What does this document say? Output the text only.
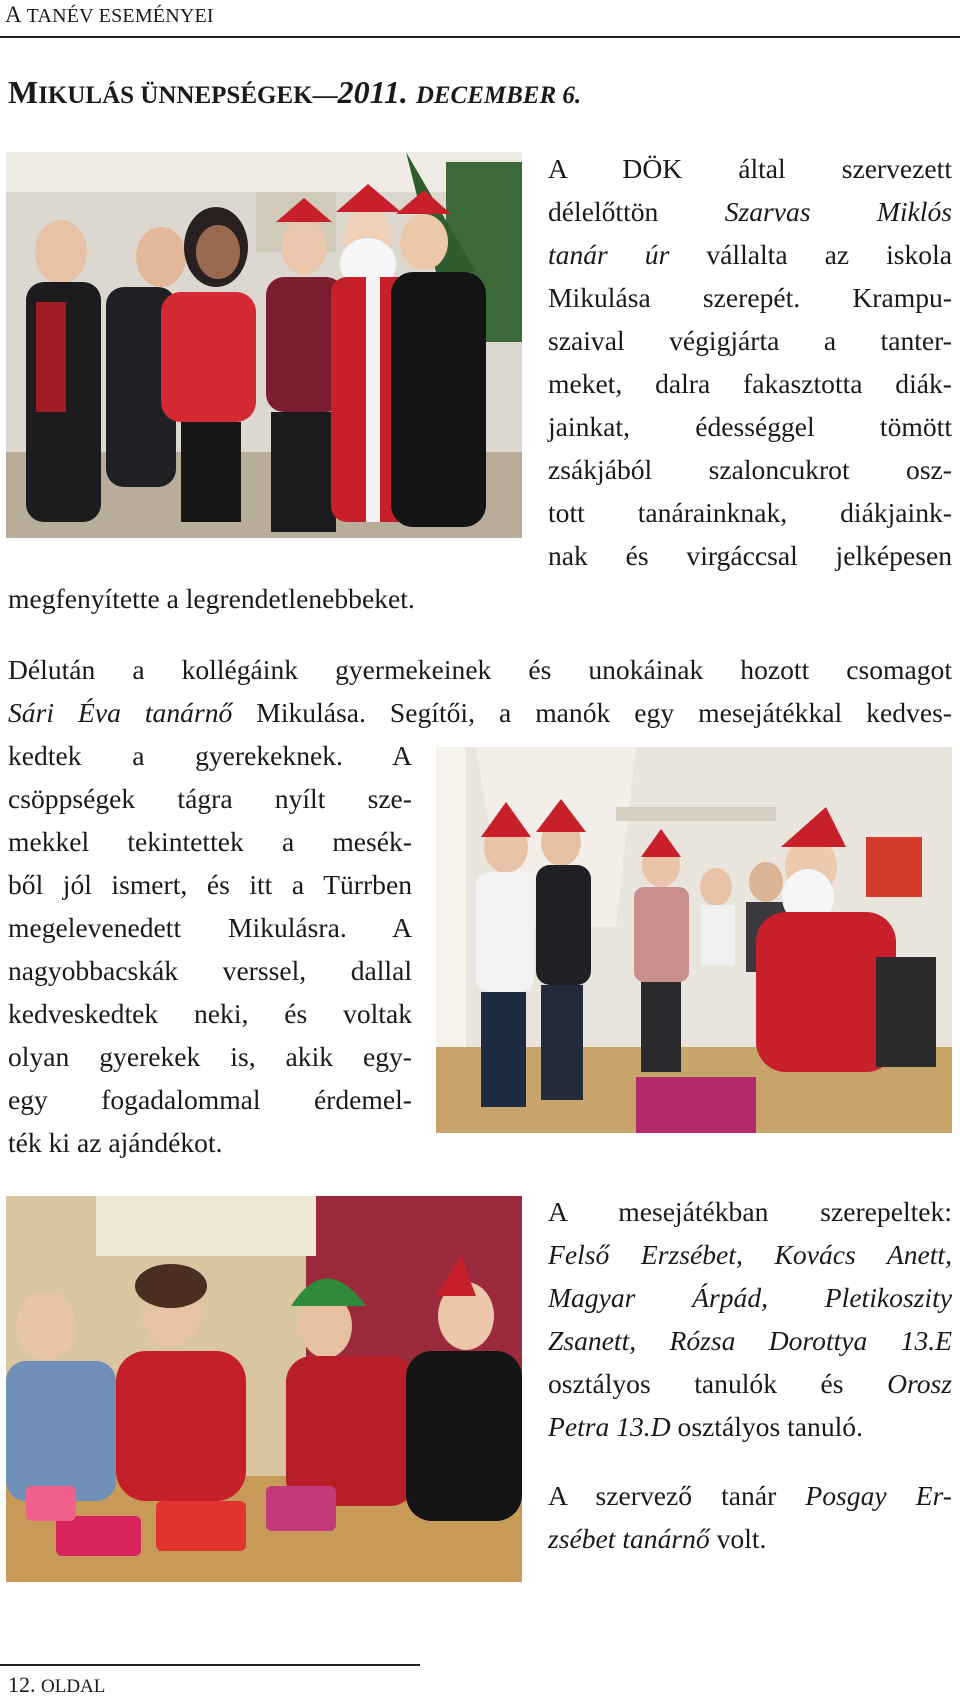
A TANÉV ESEMÉNYEI
MIKULÁS ÜNNEPSÉGEK—2011. DECEMBER 6.
A DÖK által szervezett
délelőttön Szarvas Miklós
tanár úr vállalta az iskola
Mikulása szerepét. Krampu-
szaival végigjárta a tanter-
meket, dalra fakasztotta diák-
jainkat, édességgel tömött
zsákjából szaloncukrot osz-
tott tanárainknak, diákjaink-
nak és virgáccsal jelképesen
megfenyítette a legrendetlenebbeket.
Délután a kollégáink gyermekeinek és unokáinak hozott csomagot
Sári Éva tanárnő Mikulása. Segítői, a manók egy mesejátékkal kedves-
kedtek a gyerekeknek. A
csöppségek tágra nyílt sze-
mekkel tekintettek a mesék-
ből jól ismert, és itt a Türrben
megelevenedett Mikulásra. A
nagyobbacskák verssel, dallal
kedveskedtek neki, és voltak
olyan gyerekek is, akik egy-
egy fogadalommal érdemel-
ték ki az ajándékot.
A mesejátékban szerepeltek:
Felső Erzsébet, Kovács Anett,
Magyar Árpád, Pletikoszity
Zsanett, Rózsa Dorottya 13.E
osztályos tanulók és Orosz
Petra 13.D osztályos tanuló.
A szervező tanár Posgay Er-
zsébet tanárnő volt.
12. OLDAL
